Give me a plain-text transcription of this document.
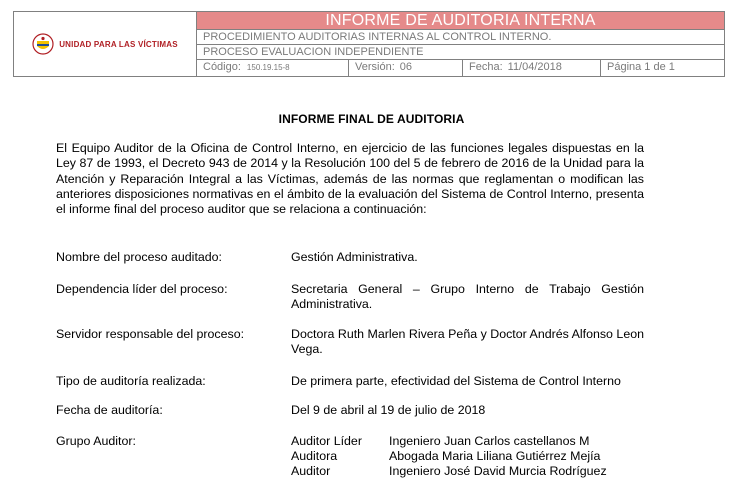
UNIDAD PARA LAS VÍCTIMAS
INFORME DE AUDITORIA INTERNA
PROCEDIMIENTO AUDITORIAS INTERNAS AL CONTROL INTERNO.
PROCESO EVALUACION INDEPENDIENTE
Código: 150.19.15-8	Versión: 06	Fecha: 11/04/2018	Página 1 de 1
INFORME FINAL DE AUDITORIA

El Equipo Auditor de la Oficina de Control Interno, en ejercicio de las funciones legales dispuestas en la Ley 87 de 1993, el Decreto 943 de 2014 y la Resolución 100 del 5 de febrero de 2016 de la Unidad para la Atención y Reparación Integral a las Víctimas, además de las normas que reglamentan o modifican las anteriores disposiciones normativas en el ámbito de la evaluación del Sistema de Control Interno, presenta el informe final del proceso auditor que se relaciona a continuación:

Nombre del proceso auditado:	Gestión Administrativa.
Dependencia líder del proceso:	Secretaria General – Grupo Interno de Trabajo Gestión Administrativa.
Servidor responsable del proceso:	Doctora Ruth Marlen Rivera Peña y Doctor Andrés Alfonso Leon Vega.
Tipo de auditoría realizada:	De primera parte, efectividad del Sistema de Control Interno
Fecha de auditoría:	Del 9 de abril al 19 de julio de 2018
Grupo Auditor:	Auditor Líder Ingeniero Juan Carlos castellanos M
Auditora	Abogada Maria Liliana Gutiérrez Mejía
Auditor	Ingeniero José David Murcia Rodríguez
